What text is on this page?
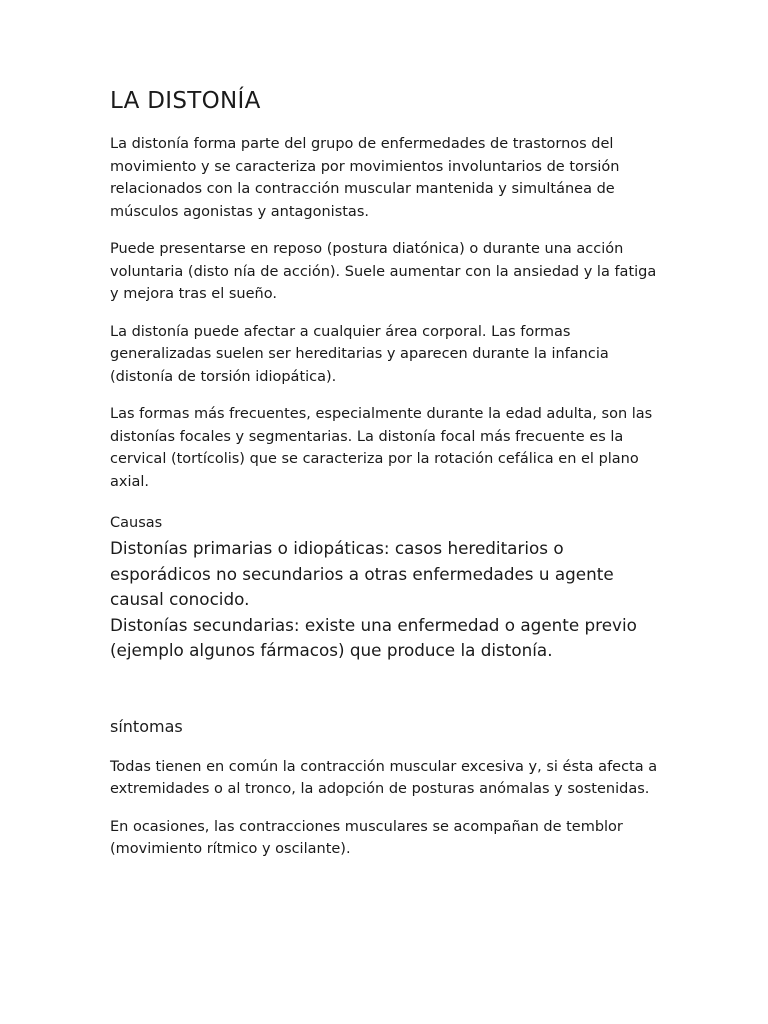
LA DISTONÍA

La distonía forma parte del grupo de enfermedades de trastornos del movimiento y se caracteriza por movimientos involuntarios de torsión relacionados con la contracción muscular mantenida y simultánea de músculos agonistas y antagonistas.

Puede presentarse en reposo (postura diatónica) o durante una acción voluntaria (disto nía de acción). Suele aumentar con la ansiedad y la fatiga y mejora tras el sueño.

La distonía puede afectar a cualquier área corporal. Las formas generalizadas suelen ser hereditarias y aparecen durante la infancia (distonía de torsión idiopática).

Las formas más frecuentes, especialmente durante la edad adulta, son las distonías focales y segmentarias. La distonía focal más frecuente es la cervical (tortícolis) que se caracteriza por la rotación cefálica en el plano axial.

Causas
Distonías primarias o idiopáticas: casos hereditarios o esporádicos no secundarios a otras enfermedades u agente causal conocido.
Distonías secundarias: existe una enfermedad o agente previo (ejemplo algunos fármacos) que produce la distonía.
síntomas

Todas tienen en común la contracción muscular excesiva y, si ésta afecta a extremidades o al tronco, la adopción de posturas anómalas y sostenidas.

En ocasiones, las contracciones musculares se acompañan de temblor (movimiento rítmico y oscilante).
